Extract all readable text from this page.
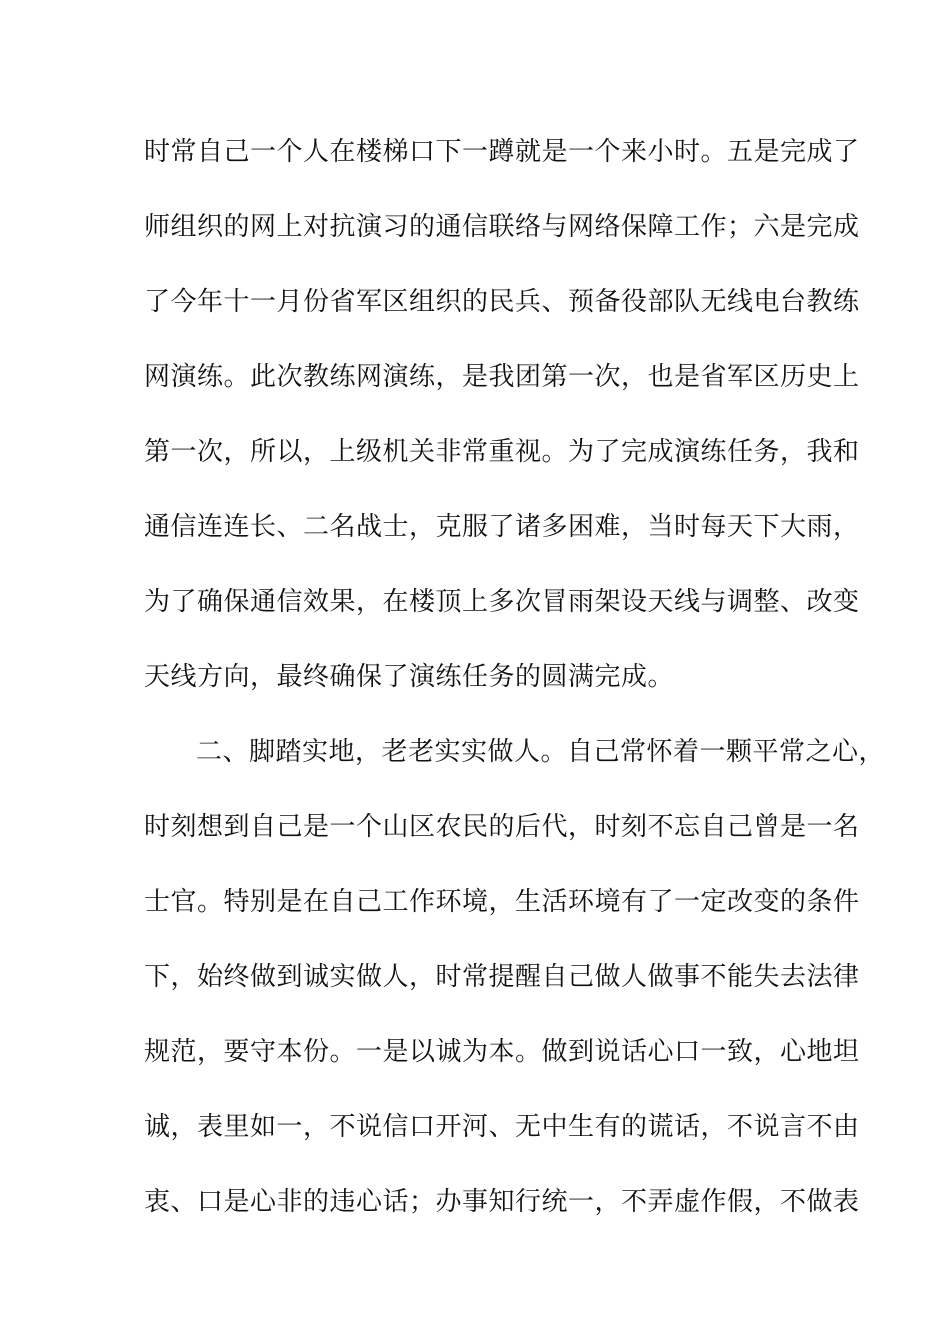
时常自己一个人在楼梯口下一蹲就是一个来小时。五是完成了
师组织的网上对抗演习的通信联络与网络保障工作；六是完成
了今年十一月份省军区组织的民兵、预备役部队无线电台教练
网演练。此次教练网演练，是我团第一次，也是省军区历史上
第一次，所以，上级机关非常重视。为了完成演练任务，我和
通信连连长、二名战士，克服了诸多困难，当时每天下大雨，
为了确保通信效果，在楼顶上多次冒雨架设天线与调整、改变
天线方向，最终确保了演练任务的圆满完成。
二、脚踏实地，老老实实做人。自己常怀着一颗平常之心，
时刻想到自己是一个山区农民的后代，时刻不忘自己曾是一名
士官。特别是在自己工作环境，生活环境有了一定改变的条件
下，始终做到诚实做人，时常提醒自己做人做事不能失去法律
规范，要守本份。一是以诚为本。做到说话心口一致，心地坦
诚，表里如一，不说信口开河、无中生有的谎话，不说言不由
衷、口是心非的违心话；办事知行统一，不弄虚作假，不做表
